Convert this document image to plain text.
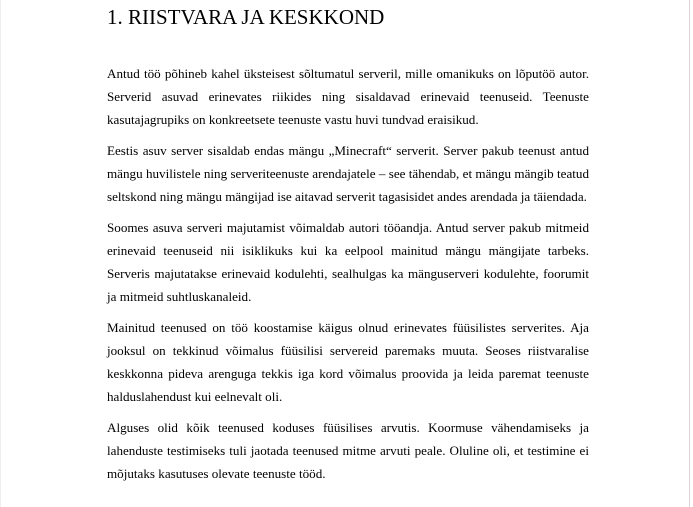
1. RIISTVARA JA KESKKOND

Antud töö põhineb kahel üksteisest sõltumatul serveril, mille omanikuks on lõputöö autor. Serverid asuvad erinevates riikides ning sisaldavad erinevaid teenuseid. Teenuste kasutajagrupiks on konkreetsete teenuste vastu huvi tundvad eraisikud.

Eestis asuv server sisaldab endas mängu „Minecraft“ serverit. Server pakub teenust antud mängu huvilistele ning serveriteenuste arendajatele – see tähendab, et mängu mängib teatud seltskond ning mängu mängijad ise aitavad serverit tagasisidet andes arendada ja täiendada.

Soomes asuva serveri majutamist võimaldab autori tööandja. Antud server pakub mitmeid erinevaid teenuseid nii isiklikuks kui ka eelpool mainitud mängu mängijate tarbeks. Serveris majutatakse erinevaid kodulehti, sealhulgas ka mänguserveri kodulehte, foorumit ja mitmeid suhtluskanaleid.

Mainitud teenused on töö koostamise käigus olnud erinevates füüsilistes serverites. Aja jooksul on tekkinud võimalus füüsilisi servereid paremaks muuta. Seoses riistvaralise keskkonna pideva arenguga tekkis iga kord võimalus proovida ja leida paremat teenuste halduslahendust kui eelnevalt oli.

Alguses olid kõik teenused koduses füüsilises arvutis. Koormuse vähendamiseks ja lahenduste testimiseks tuli jaotada teenused mitme arvuti peale. Oluline oli, et testimine ei mõjutaks kasutuses olevate teenuste tööd.
